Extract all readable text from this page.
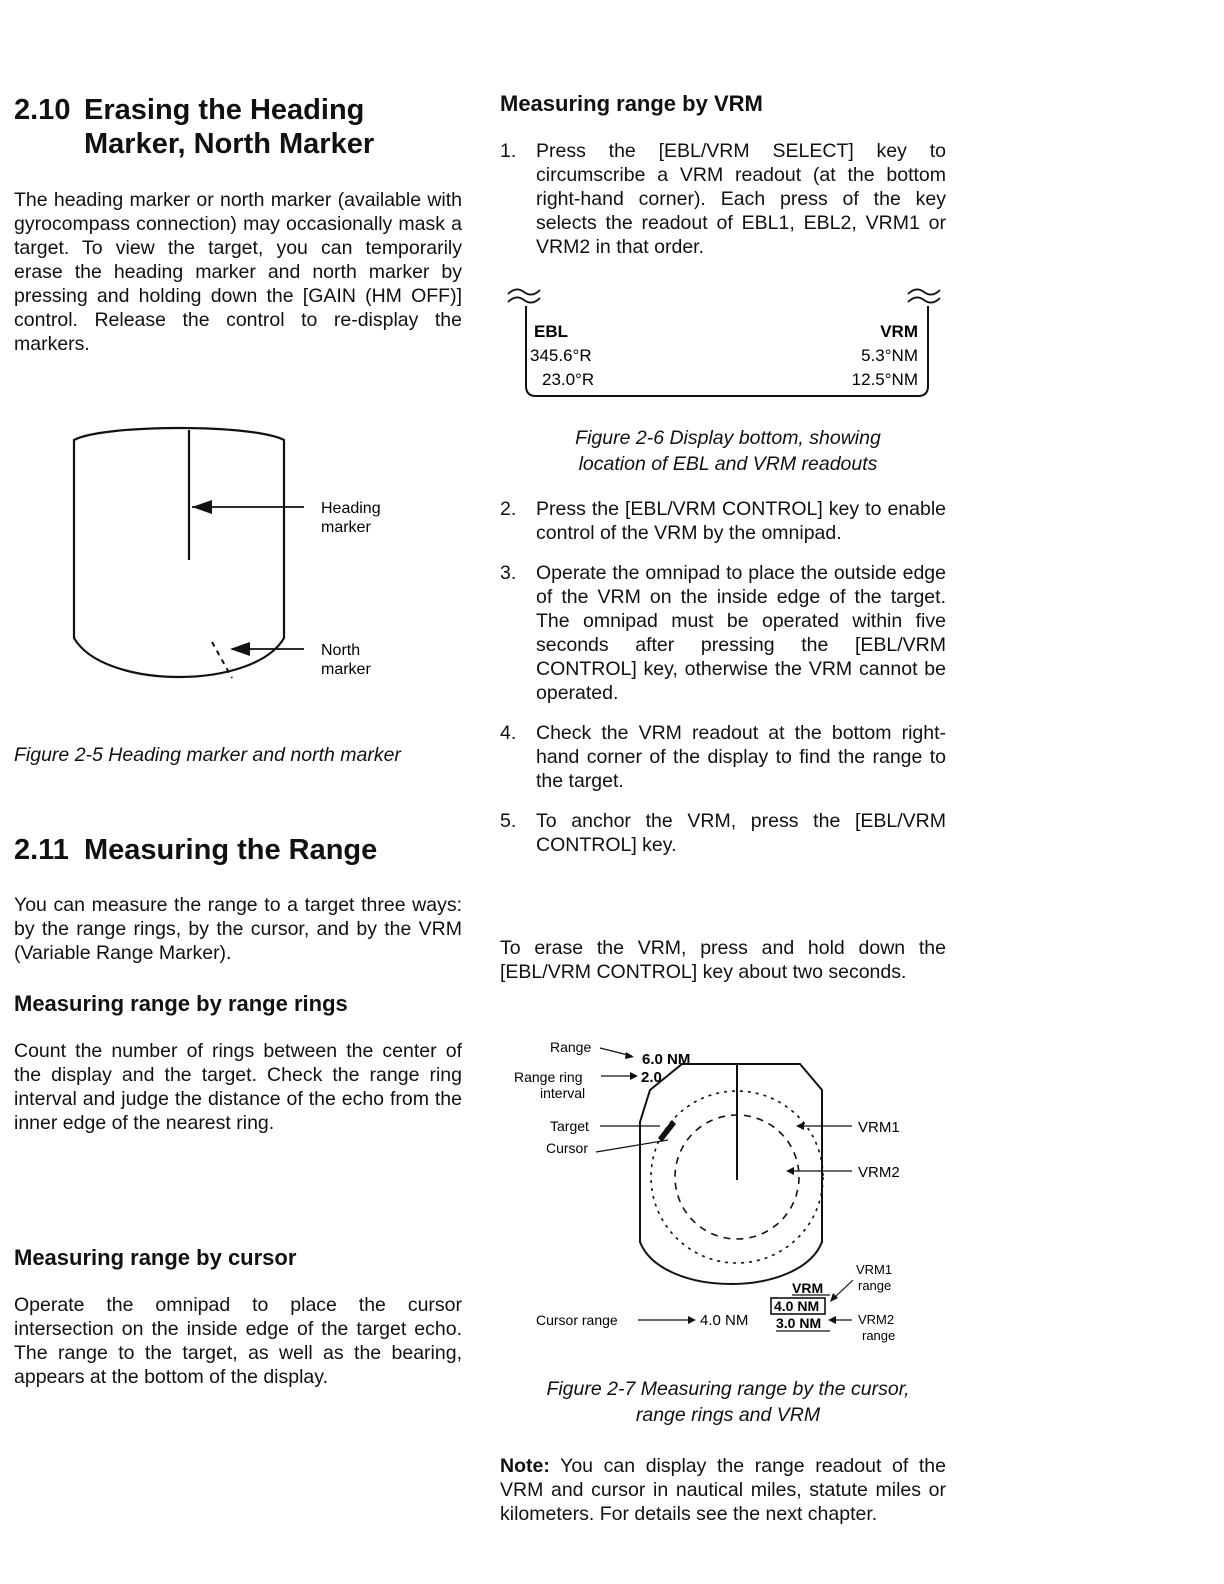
2.10 Erasing the Heading
Marker, North Marker

The heading marker or north marker (available with gyrocompass connection) may occasionally mask a target. To view the target, you can temporarily erase the heading marker and north marker by pressing and holding down the [GAIN (HM OFF)] control. Release the control to re-display the markers.

Heading
marker
North
marker

Figure 2-5 Heading marker and north marker

2.11 Measuring the Range

You can measure the range to a target three ways: by the range rings, by the cursor, and by the VRM (Variable Range Marker).

Measuring range by range rings

Count the number of rings between the center of the display and the target. Check the range ring interval and judge the distance of the echo from the inner edge of the nearest ring.

Measuring range by cursor

Operate the omnipad to place the cursor intersection on the inside edge of the target echo. The range to the target, as well as the bearing, appears at the bottom of the display.

Measuring range by VRM
1. Press the [EBL/VRM SELECT] key to circumscribe a VRM readout (at the bottom right-hand corner). Each press of the key selects the readout of EBL1, EBL2, VRM1 or VRM2 in that order.
EBL	VRM
345.6°R	5.3°NM
23.0°R	12.5°NM

Figure 2-6 Display bottom, showing
location of EBL and VRM readouts

2. Press the [EBL/VRM CONTROL] key to enable control of the VRM by the omnipad.
3. Operate the omnipad to place the outside edge of the VRM on the inside edge of the target. The omnipad must be operated within five seconds after pressing the [EBL/VRM CONTROL] key, otherwise the VRM cannot be operated.
4. Check the VRM readout at the bottom right-hand corner of the display to find the range to the target.
5. To anchor the VRM, press the [EBL/VRM CONTROL] key.

To erase the VRM, press and hold down the [EBL/VRM CONTROL] key about two seconds.

Range
6.0 NM
Range ring
interval
2.0
Target
Cursor
VRM1
VRM2
VRM1
range
VRM
4.0 NM
3.0 NM	VRM2
range
Cursor range	4.0 NM

Figure 2-7 Measuring range by the cursor,
range rings and VRM

Note: You can display the range readout of the VRM and cursor in nautical miles, statute miles or kilometers. For details see the next chapter.
